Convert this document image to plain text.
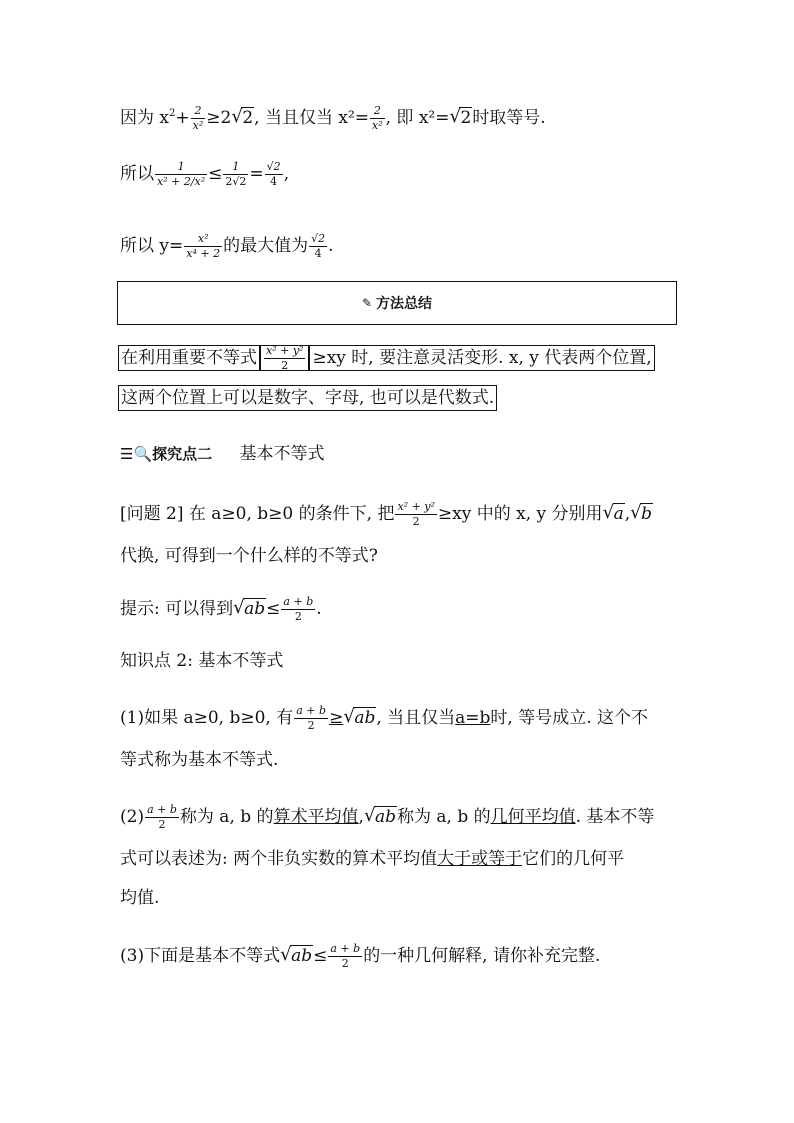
因为 $x^2+ \frac{2}{\text{x²}} \ge 2√$ 2, 当且仅当 $x^2= \frac{2}{\text{x²}}$ , 即 x²=√ 2时取等号.
所以 $\frac{1}{\text{x² + 2/x²}} \le \frac{1}{2√2} = \frac{√2}{4}$ ,
所以 $y= \frac{\text{x²}}{\text{x⁴ + 2}}$ 的最大值为 $\frac{√2}{4}$ .
✎ 方法总结
在利用重要不等式 $\frac{\text{x² + y²}}{2} \ge xy$ 时, 要注意灵活变形. x, y 代表两个位置,
这两个位置上可以是数字、字母, 也可以是代数式.
☰🔍探究点二 基本不等式
[问题 2] 在 a≥0, b≥0 的条件下, 把 $\frac{\text{x² + y²}}{2} \ge xy$ 中的 x, y 分别用√ a,√ b
代换, 可得到一个什么样的不等式?
提示: 可以得到√ $ab\le \frac{a + b}{2}$ .
知识点 2: 基本不等式
(1)如果 a≥0, b≥0, 有 $\frac{a + b}{2}$ ≥√ ab, 当且仅当a=b时, 等号成立. 这个不
等式称为基本不等式.
$(2) \frac{a + b}{2}$ 称为 a, b 的算术平均值,√ ab称为 a, b 的几何平均值. 基本不等
式可以表述为: 两个非负实数的算术平均值大于或等于它们的几何平
均值.
(3)下面是基本不等式√ $ab\le \frac{a + b}{2}$ 的一种几何解释, 请你补充完整.
